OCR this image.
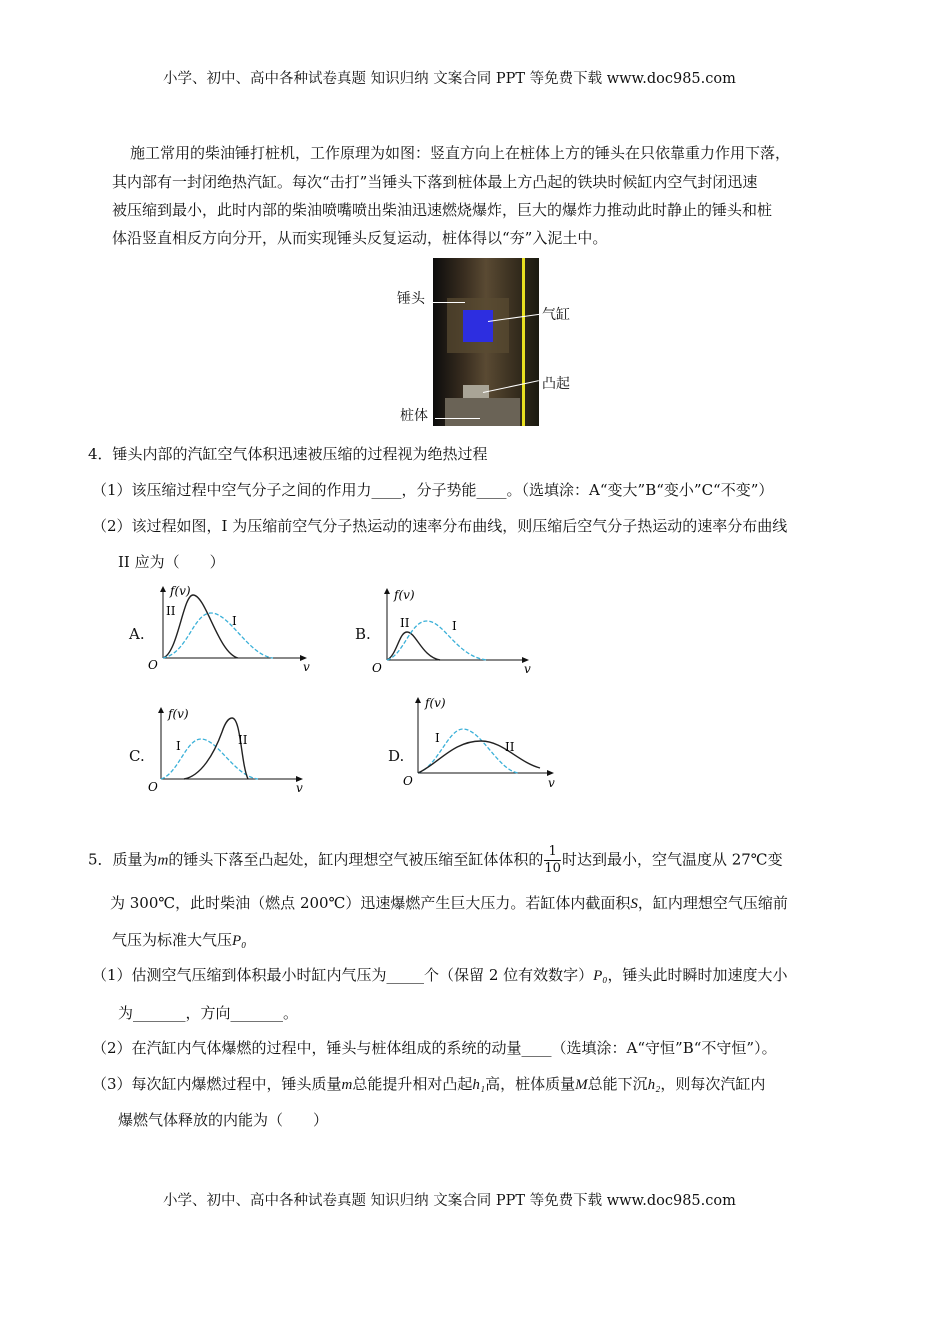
小学、初中、高中各种试卷真题 知识归纳 文案合同 PPT 等免费下载 www.doc985.com
施工常用的柴油锤打桩机，工作原理为如图：竖直方向上在桩体上方的锤头在只依靠重力作用下落，
其内部有一封闭绝热汽缸。每次“击打”当锤头下落到桩体最上方凸起的铁块时候缸内空气封闭迅速
被压缩到最小，此时内部的柴油喷嘴喷出柴油迅速燃烧爆炸，巨大的爆炸力推动此时静止的锤头和桩
体沿竖直相反方向分开，从而实现锤头反复运动，桩体得以“夯”入泥土中。
锤头
气缸
凸起
桩体
4．锤头内部的汽缸空气体积迅速被压缩的过程视为绝热过程
（1）该压缩过程中空气分子之间的作用力____，分子势能____。（选填涂：A“变大”B“变小”C“不变”）
（2）该过程如图，I 为压缩前空气分子热运动的速率分布曲线，则压缩后空气分子热运动的速率分布曲线
II 应为（　　）
A.
f(v)
II
I
O	v
B.
f(v)
II	I
O	v
C.
f(v)
I	II
O	v
D.
f(v)
I
II
O	v
5．质量为m的锤头下落至凸起处，缸内理想空气被压缩至缸体体积的 $\frac{1}{10}$ 时达到最小，空气温度从 27℃变
为 300℃，此时柴油（燃点 200℃）迅速爆燃产生巨大压力。若缸体内截面积S，缸内理想空气压缩前
气压为标准大气压P₀
（1）估测空气压缩到体积最小时缸内气压为_____个（保留 2 位有效数字）P₀，锤头此时瞬时加速度大小
为_______，方向_______。
（2）在汽缸内气体爆燃的过程中，锤头与桩体组成的系统的动量____（选填涂：A“守恒”B“不守恒”）。
（3）每次缸内爆燃过程中，锤头质量m总能提升相对凸起h₁高，桩体质量M总能下沉h₂，则每次汽缸内
爆燃气体释放的内能为（　　）
小学、初中、高中各种试卷真题 知识归纳 文案合同 PPT 等免费下载 www.doc985.com
